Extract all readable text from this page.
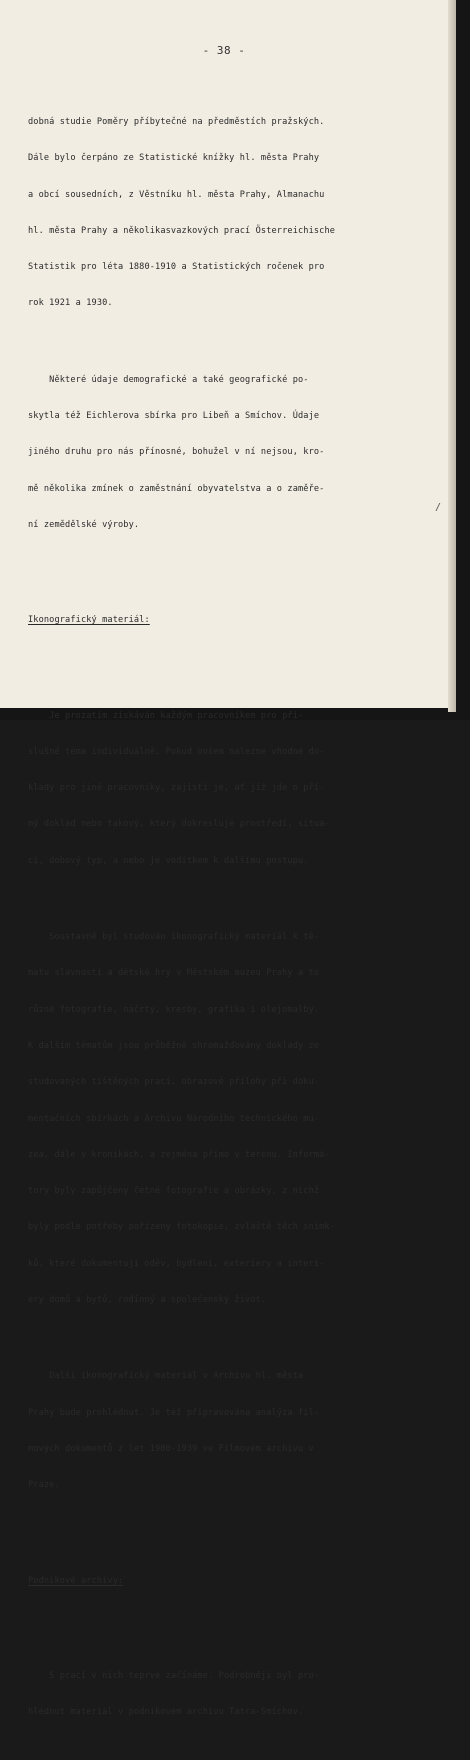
- 38 -

dobná studie Poměry příbytečné na předměstích pražských.

Dále bylo čerpáno ze Statistické knížky hl. města Prahy

a obcí sousedních, z Věstníku hl. města Prahy, Almanachu

hl. města Prahy a několikasvazkových prací Österreichische

Statistik pro léta 1880-1910 a Statistických ročenek pro

rok 1921 a 1930.

Některé údaje demografické a také geografické po-

skytla též Eichlerova sbírka pro Libeň a Smíchov. Údaje

jiného druhu pro nás přínosné, bohužel v ní nejsou, kro-

mě několika zmínek o zaměstnání obyvatelstva a o zaměře-

ní zemědělské výroby.

Ikonografický materiál:

Je prozatím získáván každým pracovníkem pro pří-

slušné téma individuálně. Pokud ovšem nalezne vhodné do-

klady pro jiné pracovníky, zajistí je, ať již jde o pří-

mý doklad nebo takový, který dokresluje prostředí, situa-

ci, dobový typ, a nebo je vodítkem k dalšímu postupu.

Soustavně byl studován ikonografický materiál k té-

matu slavností a dětské hry v Městském muzeu Prahy a to

různé fotografie, náčrty, kresby, grafika i olejomalby.

K dalším tématům jsou průběžně shromažďovány doklady ze

studovaných tištěných prací, obrazové přílohy při doku-

mentačních sbírkách a Archivu Národního technického mu-

zea, dále v kronikách, a zejména přímo v terénu. Informá-

tory byly zapůjčeny četné fotografie a obrázky, z nichž

byly podle potřeby pořízeny fotokopie, zvláště těch snímk-

ků, které dokumentují oděv, bydlení, exteriery a interi-

ery domů a bytů, rodinný a společenský život.

Další ikonografický materiál v Archivu hl. města

Prahy bude prohlédnut. Je též připravována analýza fil-

mových dokumentů z let 1900-1939 ve Filmovém archivu v

Praze.

Podnikové archivy:

S prací v nich teprve začínáme. Podrobněji byl pro-

hlédnut materiál v podnikovém archivu Tatra-Smíchov.

/
